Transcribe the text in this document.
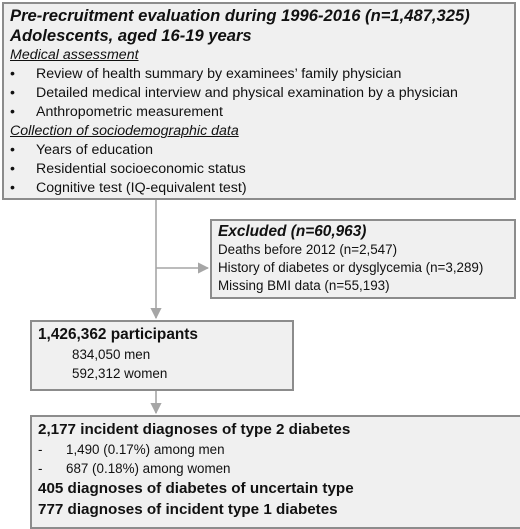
Pre-recruitment evaluation during 1996-2016 (n=1,487,325)
Adolescents, aged 16-19 years
Medical assessment
• Review of health summary by examinees’ family physician
• Detailed medical interview and physical examination by a physician
• Anthropometric measurement
Collection of sociodemographic data
• Years of education
• Residential socioeconomic status
• Cognitive test (IQ-equivalent test)
Excluded (n=60,963)
Deaths before 2012 (n=2,547)
History of diabetes or dysglycemia (n=3,289)
Missing BMI data (n=55,193)
1,426,362 participants
834,050 men
592,312 women
2,177 incident diagnoses of type 2 diabetes
- 1,490 (0.17%) among men
- 687 (0.18%) among women
405 diagnoses of diabetes of uncertain type
777 diagnoses of incident type 1 diabetes
